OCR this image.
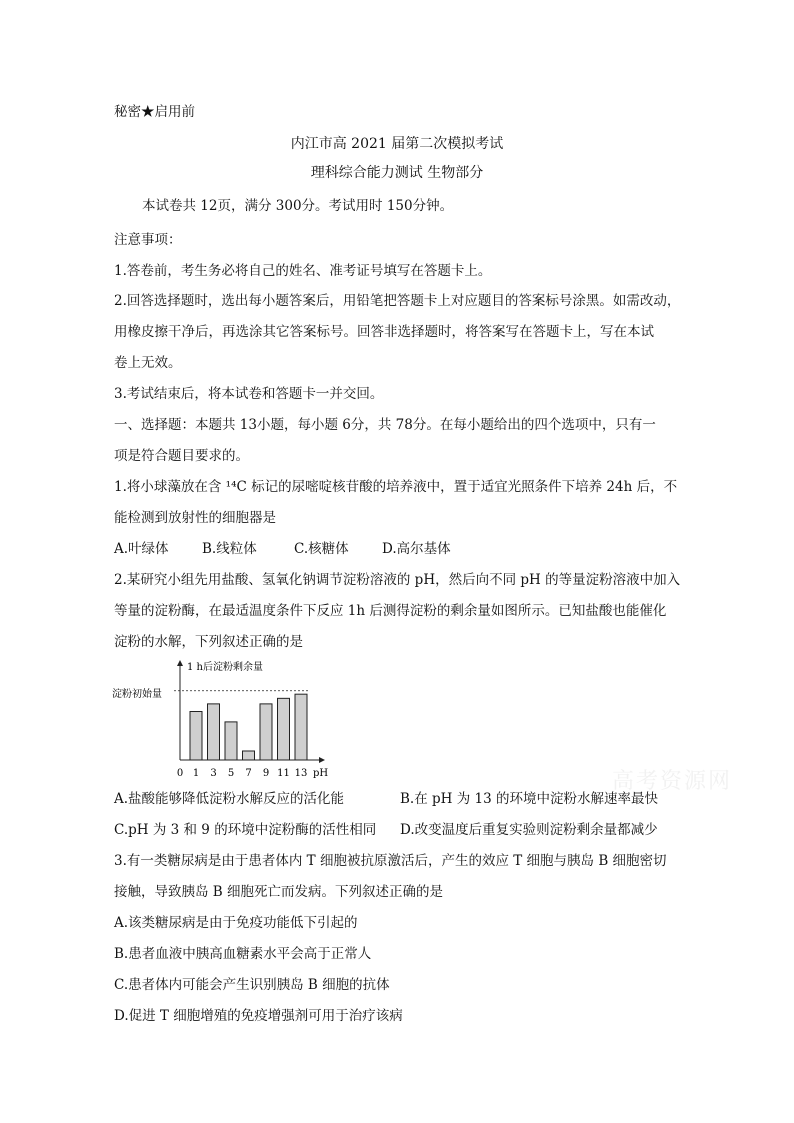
秘密★启用前
内江市高 2021 届第二次模拟考试
理科综合能力测试 生物部分
本试卷共 12页，满分 300分。考试用时 150分钟。
注意事项：
1.答卷前，考生务必将自己的姓名、准考证号填写在答题卡上。
2.回答选择题时，选出每小题答案后，用铅笔把答题卡上对应题目的答案标号涂黑。如需改动，
用橡皮擦干净后，再选涂其它答案标号。回答非选择题时，将答案写在答题卡上，写在本试
卷上无效。
3.考试结束后，将本试卷和答题卡一并交回。
一、选择题：本题共 13小题，每小题 6分，共 78分。在每小题给出的四个选项中，只有一
项是符合题目要求的。
1.将小球藻放在含 ¹⁴C 标记的尿嘧啶核苷酸的培养液中，置于适宜光照条件下培养 24h 后，不
能检测到放射性的细胞器是
A.叶绿体 B.线粒体	C.核糖体 D.高尔基体
2.某研究小组先用盐酸、氢氧化钠调节淀粉溶液的 pH，然后向不同 pH 的等量淀粉溶液中加入
等量的淀粉酶，在最适温度条件下反应 1h 后测得淀粉的剩余量如图所示。已知盐酸也能催化
淀粉的水解，下列叙述正确的是
1 h后淀粉剩余量
淀粉初始量
0 1 3 5 7 9 11 13 pH
A.盐酸能够降低淀粉水解反应的活化能	B.在 pH 为 13 的环境中淀粉水解速率最快
C.pH 为 3 和 9 的环境中淀粉酶的活性相同 D.改变温度后重复实验则淀粉剩余量都减少
3.有一类糖尿病是由于患者体内 T 细胞被抗原激活后，产生的效应 T 细胞与胰岛 B 细胞密切
接触，导致胰岛 B 细胞死亡而发病。下列叙述正确的是
A.该类糖尿病是由于免疫功能低下引起的
B.患者血液中胰高血糖素水平会高于正常人
C.患者体内可能会产生识别胰岛 B 细胞的抗体
D.促进 T 细胞增殖的免疫增强剂可用于治疗该病
高考资源网
